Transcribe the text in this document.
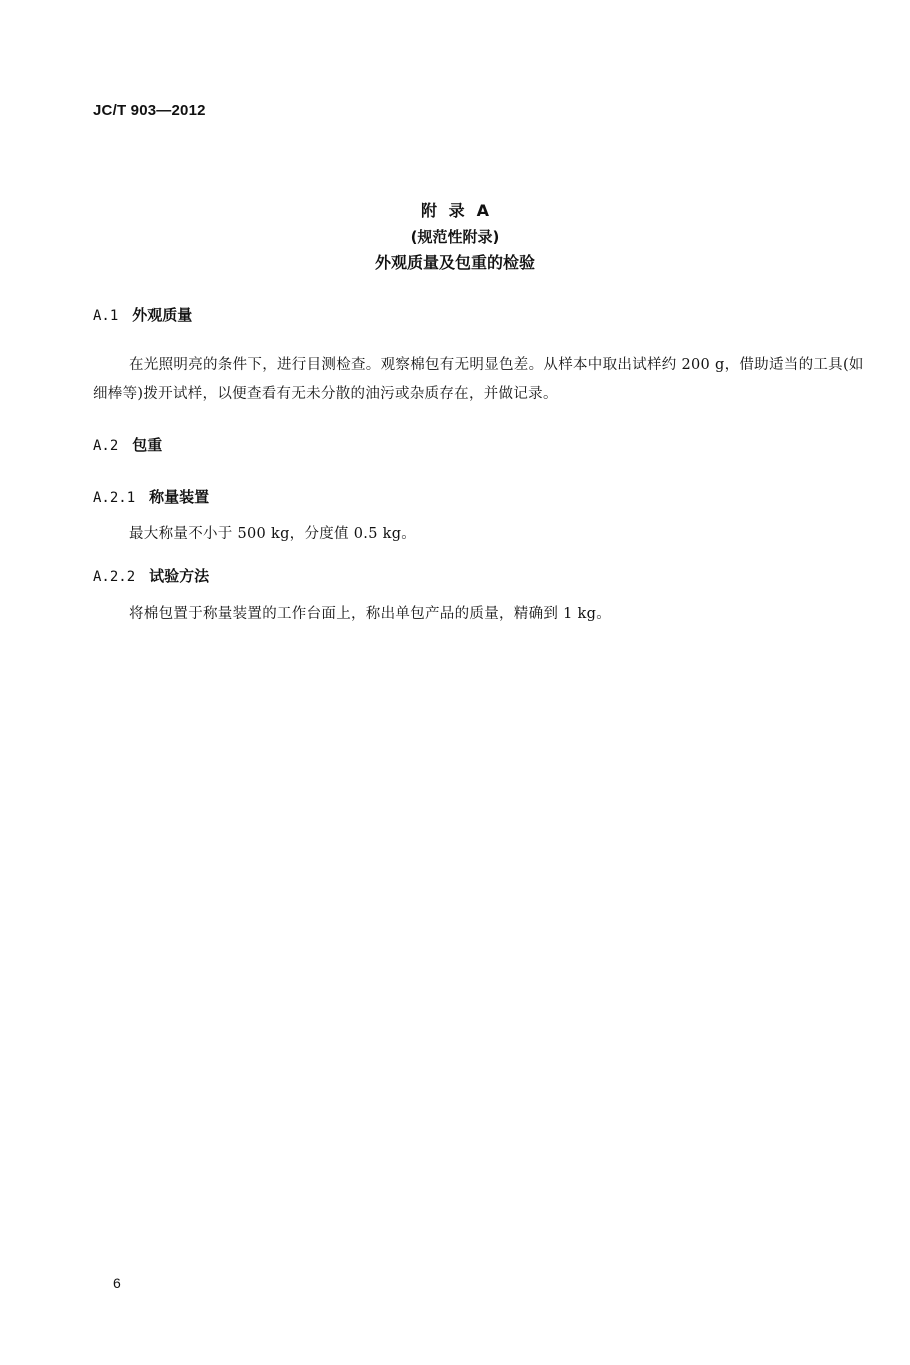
JC/T 903—2012
附 录 A
(规范性附录)
外观质量及包重的检验
A.1 外观质量
在光照明亮的条件下，进行目测检查。观察棉包有无明显色差。从样本中取出试样约 200 g，借助适当的工具(如细棒等)拨开试样，以便查看有无未分散的油污或杂质存在，并做记录。
A.2 包重
A.2.1 称量装置
最大称量不小于 500 kg，分度值 0.5 kg。
A.2.2 试验方法
将棉包置于称量装置的工作台面上，称出单包产品的质量，精确到 1 kg。
6
